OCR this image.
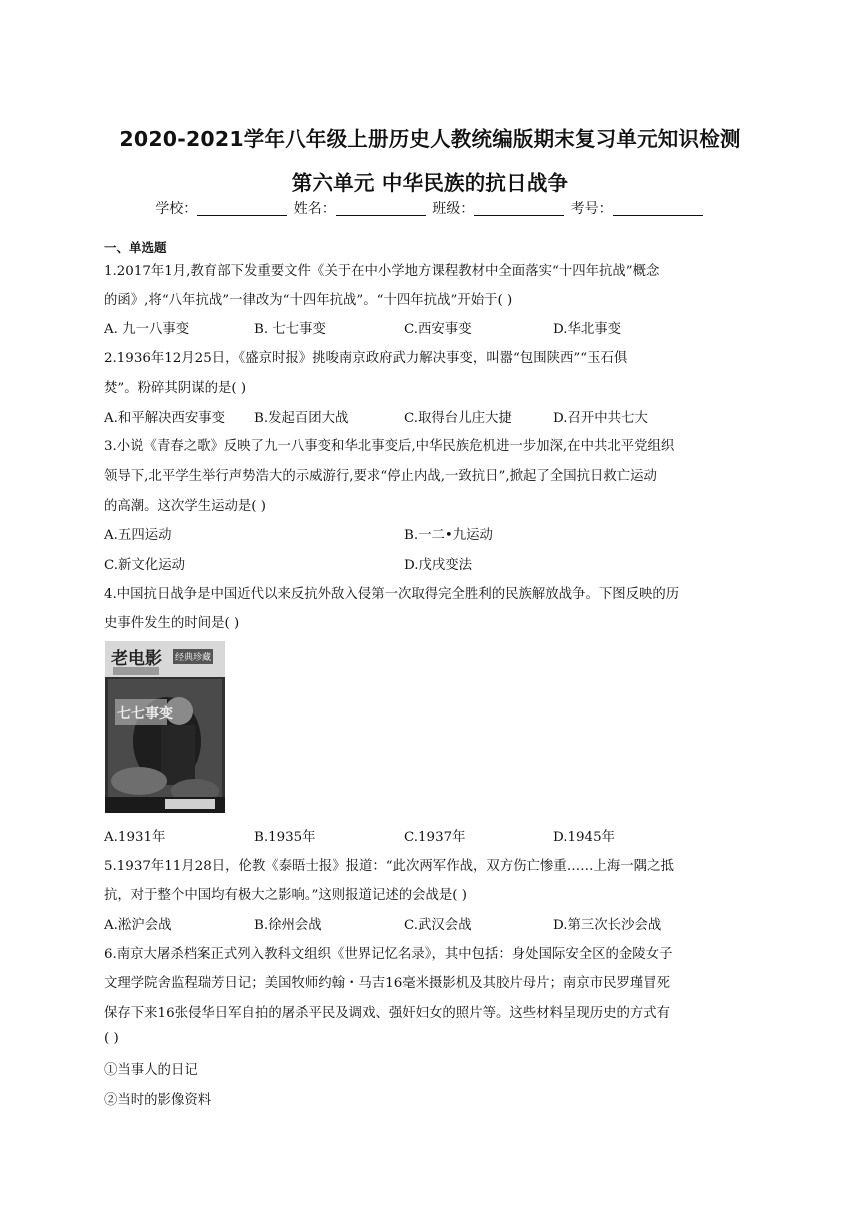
2020-2021学年八年级上册历史人教统编版期末复习单元知识检测
第六单元 中华民族的抗日战争
学校：	姓名：	班级：	考号：
一、单选题
1.2017年1月,教育部下发重要文件《关于在中小学地方课程教材中全面落实“十四年抗战”概念
的函》,将“八年抗战”一律改为“十四年抗战”。“十四年抗战”开始于( )
A. 九一八事变	B. 七七事变	C.西安事变	D.华北事变
2.1936年12月25日，《盛京时报》挑唆南京政府武力解决事变，叫嚣“包围陕西”“玉石俱
焚”。粉碎其阴谋的是( )
A.和平解决西安事变 B.发起百团大战	C.取得台儿庄大捷	D.召开中共七大
3.小说《青春之歌》反映了九一八事变和华北事变后,中华民族危机进一步加深,在中共北平党组织
领导下,北平学生举行声势浩大的示威游行,要求“停止内战,一致抗日”,掀起了全国抗日救亡运动
的高潮。这次学生运动是( )
A.五四运动	B.一二•九运动
C.新文化运动	D.戊戌变法
4.中国抗日战争是中国近代以来反抗外敌入侵第一次取得完全胜利的民族解放战争。下图反映的历
史事件发生的时间是( )
老电影 经典珍藏
七七事变
A.1931年	B.1935年	C.1937年	D.1945年
5.1937年11月28日，伦教《泰晤士报》报道：“此次两军作战，双方伤亡惨重……上海一隅之抵
抗，对于整个中国均有极大之影响。”这则报道记述的会战是( )
A.淞沪会战	B.徐州会战	C.武汉会战	D.第三次长沙会战
6.南京大屠杀档案正式列入教科文组织《世界记忆名录》，其中包括：身处国际安全区的金陵女子
文理学院舍监程瑞芳日记；美国牧师约翰・马吉16毫米摄影机及其胶片母片；南京市民罗瑾冒死
保存下来16张侵华日军自拍的屠杀平民及调戏、强奸妇女的照片等。这些材料呈现历史的方式有
( )
①当事人的日记
②当时的影像资料
